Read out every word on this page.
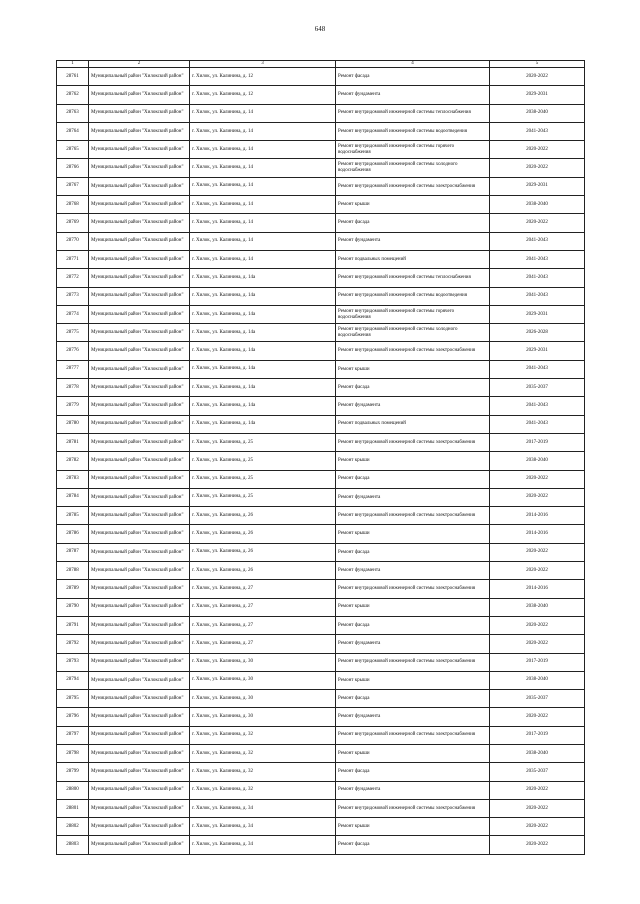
648
1	2	3	4	5
28761	Муниципальный район "Хилокский район"	г. Хилок, ул. Калинина, д. 12	Ремонт фасада	2020-2022
28762	Муниципальный район "Хилокский район"	г. Хилок, ул. Калинина, д. 12	Ремонт фундамента	2029-2031
28763	Муниципальный район "Хилокский район"	г. Хилок, ул. Калинина, д. 14	Ремонт внутридомовой инженерной системы теплоснабжения	2038-2040
28764	Муниципальный район "Хилокский район"	г. Хилок, ул. Калинина, д. 14	Ремонт внутридомовой инженерной системы водоотведения	2041-2043
28765	Муниципальный район "Хилокский район"	г. Хилок, ул. Калинина, д. 14	Ремонт внутридомовой инженерной системы горячего водоснабжения	2020-2022
28766	Муниципальный район "Хилокский район"	г. Хилок, ул. Калинина, д. 14	Ремонт внутридомовой инженерной системы холодного водоснабжения	2020-2022
28767	Муниципальный район "Хилокский район"	г. Хилок, ул. Калинина, д. 14	Ремонт внутридомовой инженерной системы электроснабжения	2029-2031
28768	Муниципальный район "Хилокский район"	г. Хилок, ул. Калинина, д. 14	Ремонт крыши	2038-2040
28769	Муниципальный район "Хилокский район"	г. Хилок, ул. Калинина, д. 14	Ремонт фасада	2020-2022
28770	Муниципальный район "Хилокский район"	г. Хилок, ул. Калинина, д. 14	Ремонт фундамента	2041-2043
28771	Муниципальный район "Хилокский район"	г. Хилок, ул. Калинина, д. 14	Ремонт подвальных помещений	2041-2043
28772	Муниципальный район "Хилокский район"	г. Хилок, ул. Калинина, д. 14а	Ремонт внутридомовой инженерной системы теплоснабжения	2041-2043
28773	Муниципальный район "Хилокский район"	г. Хилок, ул. Калинина, д. 14а	Ремонт внутридомовой инженерной системы водоотведения	2041-2043
28774	Муниципальный район "Хилокский район"	г. Хилок, ул. Калинина, д. 14а	Ремонт внутридомовой инженерной системы горячего водоснабжения	2029-2031
28775	Муниципальный район "Хилокский район"	г. Хилок, ул. Калинина, д. 14а	Ремонт внутридомовой инженерной системы холодного водоснабжения	2026-2028
28776	Муниципальный район "Хилокский район"	г. Хилок, ул. Калинина, д. 14а	Ремонт внутридомовой инженерной системы электроснабжения	2029-2031
28777	Муниципальный район "Хилокский район"	г. Хилок, ул. Калинина, д. 14а	Ремонт крыши	2041-2043
28778	Муниципальный район "Хилокский район"	г. Хилок, ул. Калинина, д. 14а	Ремонт фасада	2035-2037
28779	Муниципальный район "Хилокский район"	г. Хилок, ул. Калинина, д. 14а	Ремонт фундамента	2041-2043
28780	Муниципальный район "Хилокский район"	г. Хилок, ул. Калинина, д. 14а	Ремонт подвальных помещений	2041-2043
28781	Муниципальный район "Хилокский район"	г. Хилок, ул. Калинина, д. 25	Ремонт внутридомовой инженерной системы электроснабжения	2017-2019
28782	Муниципальный район "Хилокский район"	г. Хилок, ул. Калинина, д. 25	Ремонт крыши	2038-2040
28783	Муниципальный район "Хилокский район"	г. Хилок, ул. Калинина, д. 25	Ремонт фасада	2020-2022
28784	Муниципальный район "Хилокский район"	г. Хилок, ул. Калинина, д. 25	Ремонт фундамента	2020-2022
28785	Муниципальный район "Хилокский район"	г. Хилок, ул. Калинина, д. 26	Ремонт внутридомовой инженерной системы электроснабжения	2014-2016
28786	Муниципальный район "Хилокский район"	г. Хилок, ул. Калинина, д. 26	Ремонт крыши	2014-2016
28787	Муниципальный район "Хилокский район"	г. Хилок, ул. Калинина, д. 26	Ремонт фасада	2020-2022
28788	Муниципальный район "Хилокский район"	г. Хилок, ул. Калинина, д. 26	Ремонт фундамента	2020-2022
28789	Муниципальный район "Хилокский район"	г. Хилок, ул. Калинина, д. 27	Ремонт внутридомовой инженерной системы электроснабжения	2014-2016
28790	Муниципальный район "Хилокский район"	г. Хилок, ул. Калинина, д. 27	Ремонт крыши	2038-2040
28791	Муниципальный район "Хилокский район"	г. Хилок, ул. Калинина, д. 27	Ремонт фасада	2020-2022
28792	Муниципальный район "Хилокский район"	г. Хилок, ул. Калинина, д. 27	Ремонт фундамента	2020-2022
28793	Муниципальный район "Хилокский район"	г. Хилок, ул. Калинина, д. 30	Ремонт внутридомовой инженерной системы электроснабжения	2017-2019
28794	Муниципальный район "Хилокский район"	г. Хилок, ул. Калинина, д. 30	Ремонт крыши	2038-2040
28795	Муниципальный район "Хилокский район"	г. Хилок, ул. Калинина, д. 30	Ремонт фасада	2035-2037
28796	Муниципальный район "Хилокский район"	г. Хилок, ул. Калинина, д. 30	Ремонт фундамента	2020-2022
28797	Муниципальный район "Хилокский район"	г. Хилок, ул. Калинина, д. 32	Ремонт внутридомовой инженерной системы электроснабжения	2017-2019
28798	Муниципальный район "Хилокский район"	г. Хилок, ул. Калинина, д. 32	Ремонт крыши	2038-2040
28799	Муниципальный район "Хилокский район"	г. Хилок, ул. Калинина, д. 32	Ремонт фасада	2035-2037
28800	Муниципальный район "Хилокский район"	г. Хилок, ул. Калинина, д. 32	Ремонт фундамента	2020-2022
28801	Муниципальный район "Хилокский район"	г. Хилок, ул. Калинина, д. 34	Ремонт внутридомовой инженерной системы электроснабжения	2020-2022
28802	Муниципальный район "Хилокский район"	г. Хилок, ул. Калинина, д. 34	Ремонт крыши	2020-2022
28803	Муниципальный район "Хилокский район"	г. Хилок, ул. Калинина, д. 34	Ремонт фасада	2020-2022
